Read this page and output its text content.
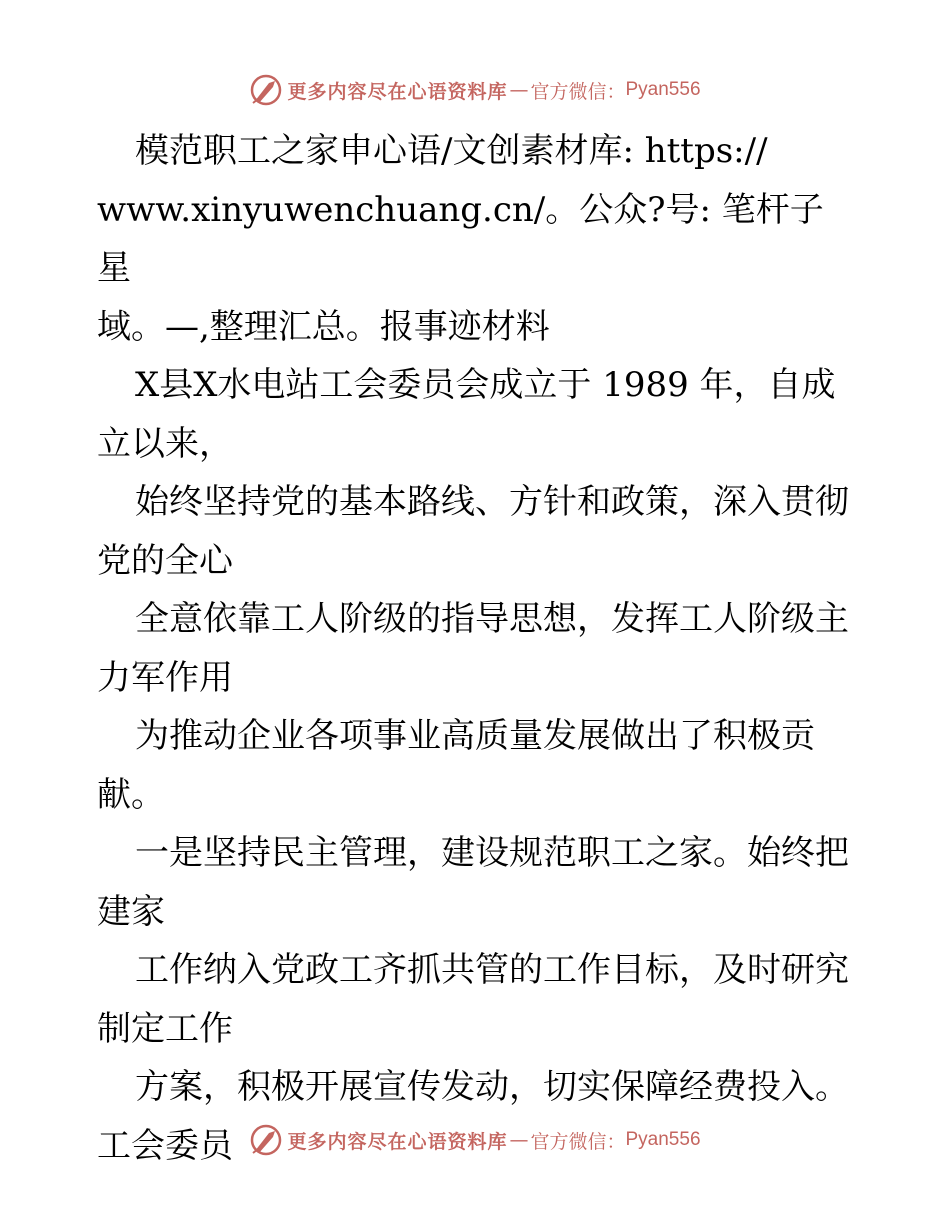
更多内容尽在心语资料库 — 官方微信： Pyan556

模范职工之家申心语/文创素材库: https://
www.xinyuwenchuang.cn/。公众?号: 笔杆子星
域。—,整理汇总。报事迹材料

X县X水电站工会委员会成立于 1989 年，自成
立以来，

始终坚持党的基本路线、方针和政策，深入贯彻
党的全心

全意依靠工人阶级的指导思想，发挥工人阶级主
力军作用

为推动企业各项事业高质量发展做出了积极贡
献。

一是坚持民主管理，建设规范职工之家。始终把
建家

工作纳入党政工齐抓共管的工作目标，及时研究
制定工作

方案，积极开展宣传发动，切实保障经费投入。
工会委员	更多内容尽在心语资料库 — 官方微信： Pyan556
